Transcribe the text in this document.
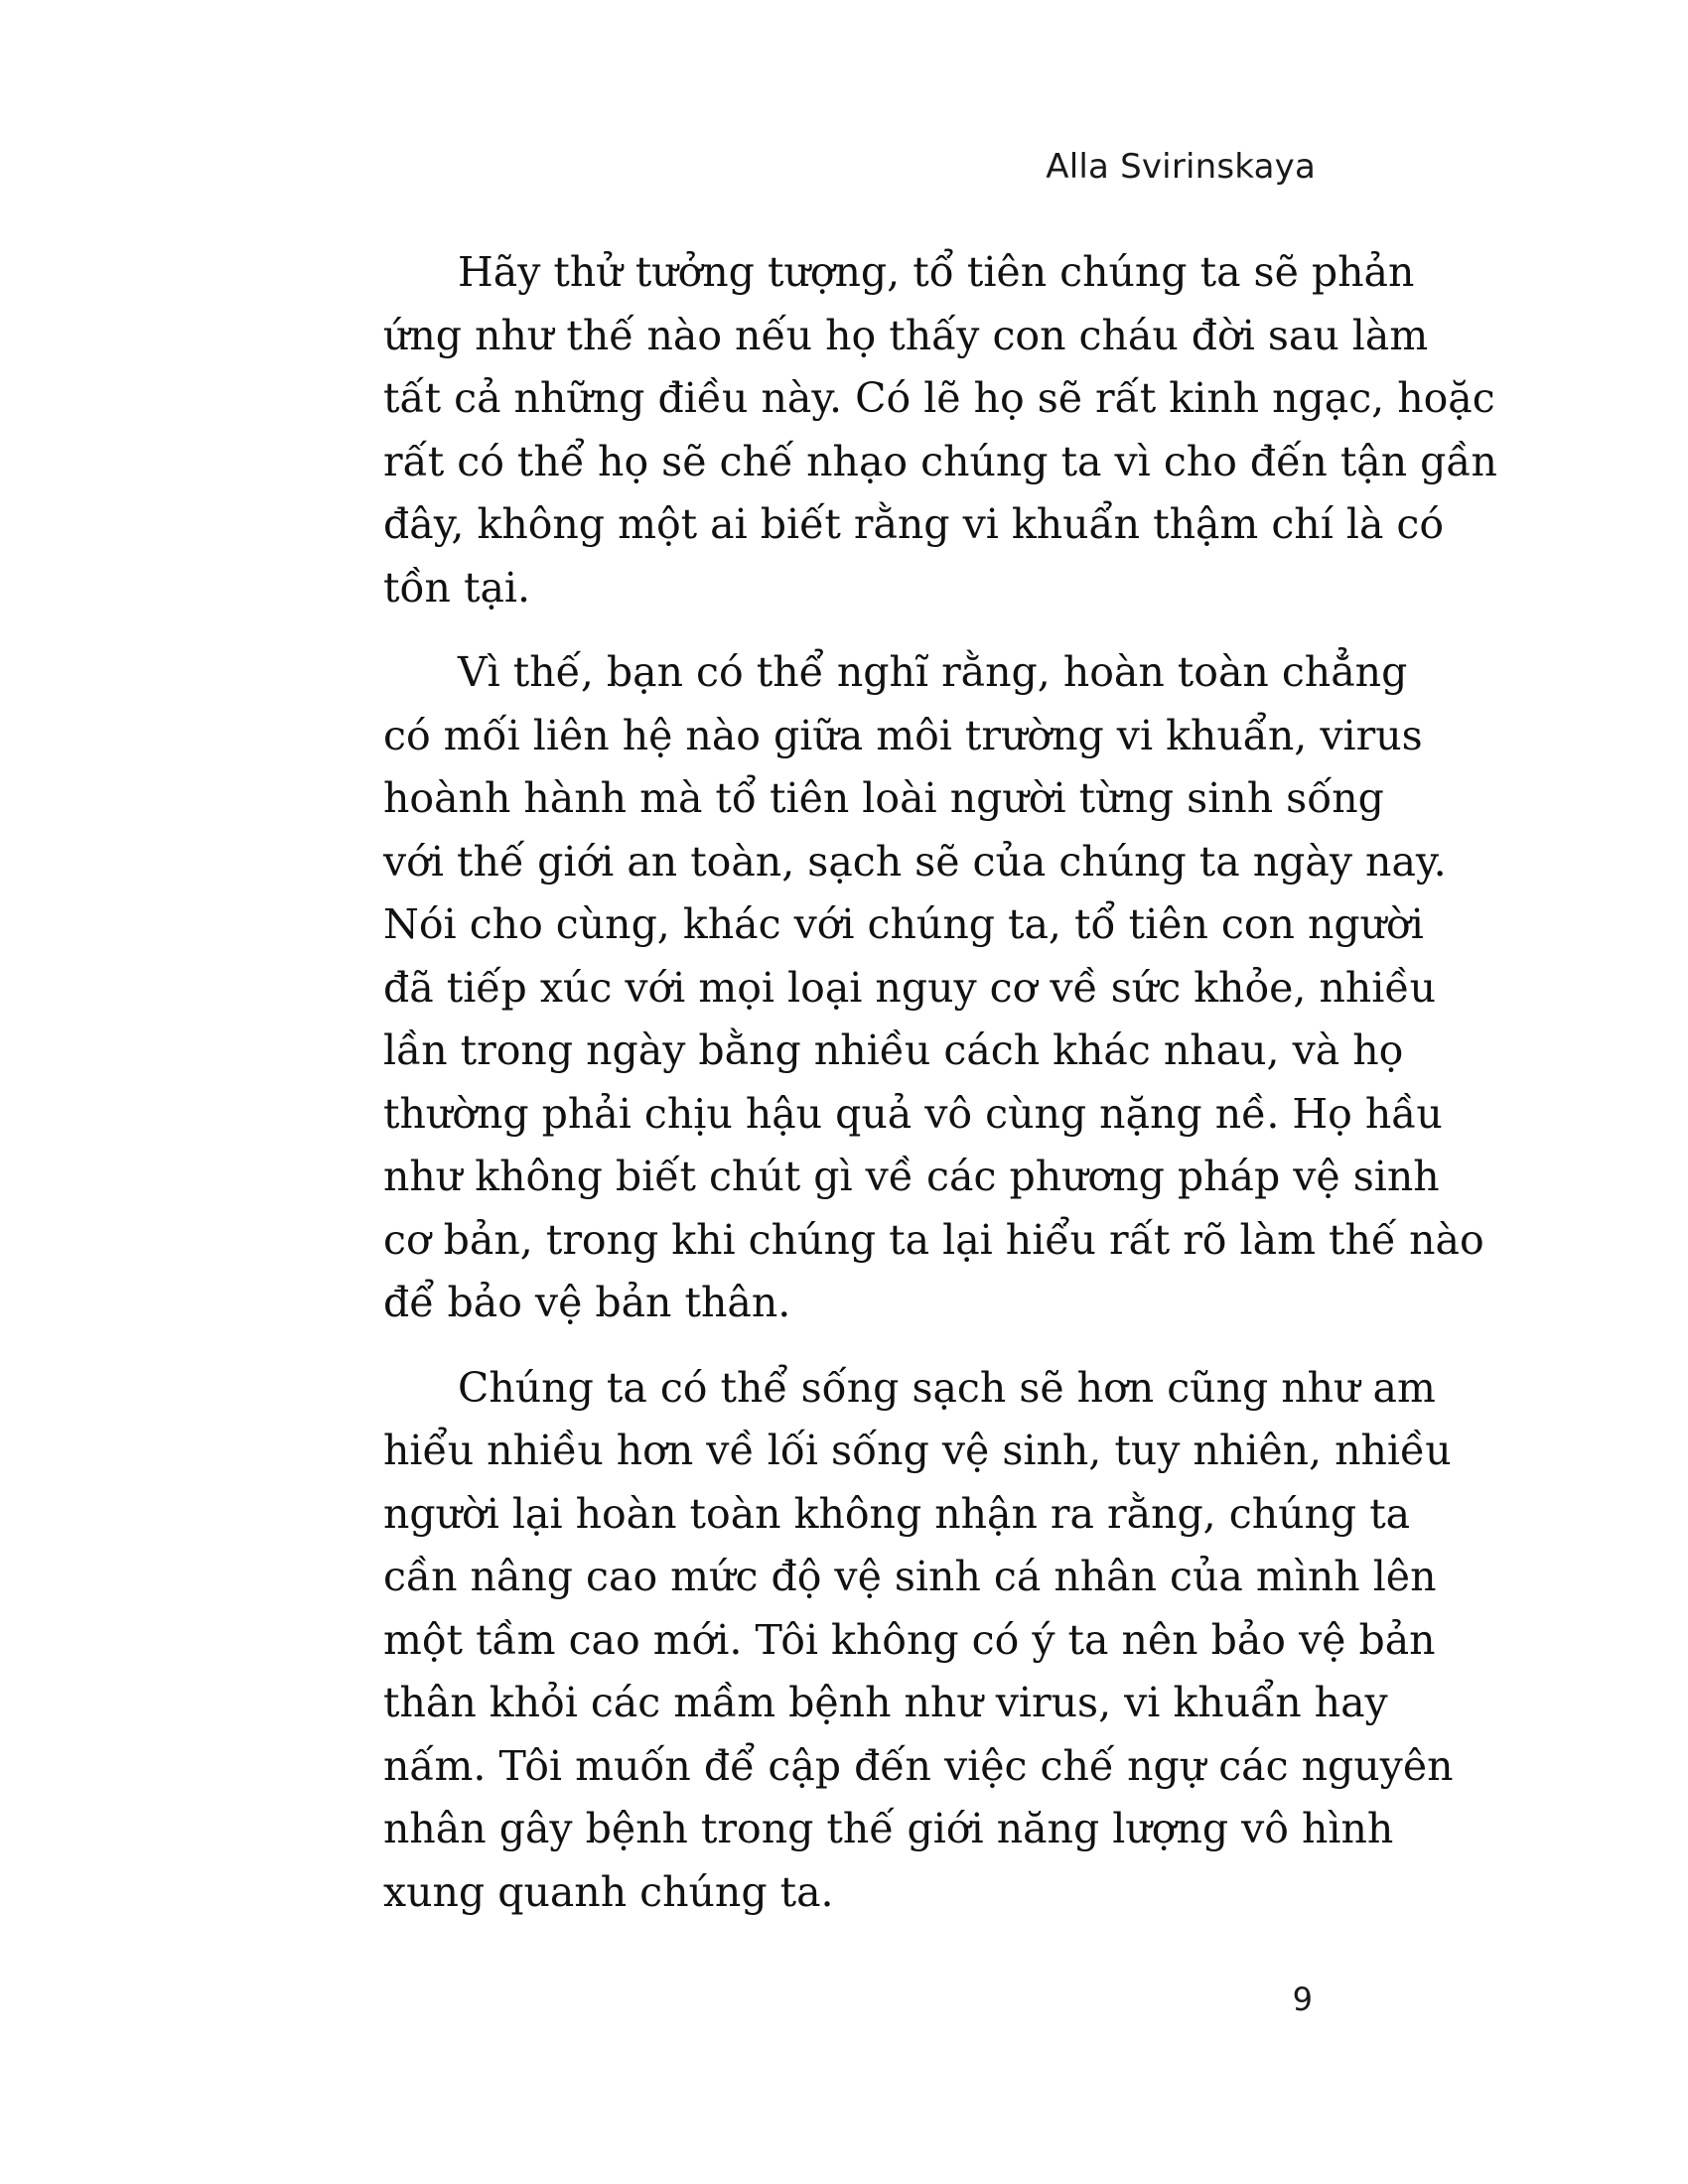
Alla Svirinskaya

Hãy thử tưởng tượng, tổ tiên chúng ta sẽ phản
ứng như thế nào nếu họ thấy con cháu đời sau làm
tất cả những điều này. Có lẽ họ sẽ rất kinh ngạc, hoặc
rất có thể họ sẽ chế nhạo chúng ta vì cho đến tận gần
đây, không một ai biết rằng vi khuẩn thậm chí là có
tồn tại.

Vì thế, bạn có thể nghĩ rằng, hoàn toàn chẳng
có mối liên hệ nào giữa môi trường vi khuẩn, virus
hoành hành mà tổ tiên loài người từng sinh sống
với thế giới an toàn, sạch sẽ của chúng ta ngày nay.
Nói cho cùng, khác với chúng ta, tổ tiên con người
đã tiếp xúc với mọi loại nguy cơ về sức khỏe, nhiều
lần trong ngày bằng nhiều cách khác nhau, và họ
thường phải chịu hậu quả vô cùng nặng nề. Họ hầu
như không biết chút gì về các phương pháp vệ sinh
cơ bản, trong khi chúng ta lại hiểu rất rõ làm thế nào
để bảo vệ bản thân.

Chúng ta có thể sống sạch sẽ hơn cũng như am
hiểu nhiều hơn về lối sống vệ sinh, tuy nhiên, nhiều
người lại hoàn toàn không nhận ra rằng, chúng ta
cần nâng cao mức độ vệ sinh cá nhân của mình lên
một tầm cao mới. Tôi không có ý ta nên bảo vệ bản
thân khỏi các mầm bệnh như virus, vi khuẩn hay
nấm. Tôi muốn để cập đến việc chế ngự các nguyên
nhân gây bệnh trong thế giới năng lượng vô hình
xung quanh chúng ta.

9
